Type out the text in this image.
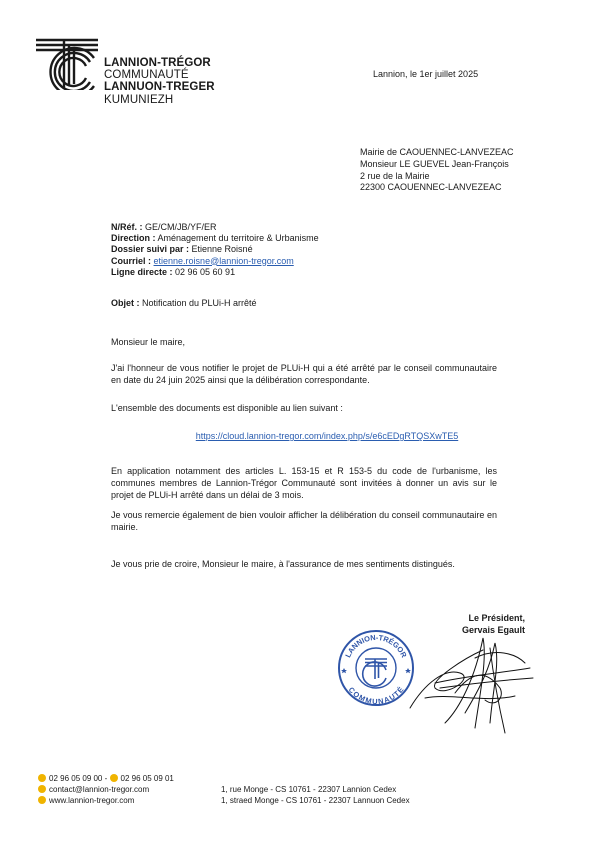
LANNION-TRÉGOR
COMMUNAUTÉ
LANNUON-TREGER
KUMUNIEZH
Lannion, le 1er juillet 2025
Mairie de CAOUENNEC-LANVEZEAC
Monsieur LE GUEVEL Jean-François
2 rue de la Mairie
22300 CAOUENNEC-LANVEZEAC
N/Réf. : GE/CM/JB/YF/ER
Direction : Aménagement du territoire & Urbanisme
Dossier suivi par : Etienne Roisné
Courriel : etienne.roisne@lannion-tregor.com
Ligne directe : 02 96 05 60 91
Objet : Notification du PLUi-H arrêté
Monsieur le maire,
J'ai l'honneur de vous notifier le projet de PLUi-H qui a été arrêté par le conseil communautaire en date du 24 juin 2025 ainsi que la délibération correspondante.
L'ensemble des documents est disponible au lien suivant :
https://cloud.lannion-tregor.com/index.php/s/e6cEDgRTQSXwTE5
En application notamment des articles L. 153-15 et R 153-5 du code de l'urbanisme, les communes membres de Lannion-Trégor Communauté sont invitées à donner un avis sur le projet de PLUi-H arrêté dans un délai de 3 mois.
Je vous remercie également de bien vouloir afficher la délibération du conseil communautaire en mairie.
Je vous prie de croire, Monsieur le maire, à l'assurance de mes sentiments distingués.
Le Président,
Gervais Egault
LANNION-TRÉGOR
COMMUNAUTÉ
02 96 05 09 00 - 02 96 05 09 01
contact@lannion-tregor.com
www.lannion-tregor.com
1, rue Monge - CS 10761 - 22307 Lannion Cedex
1, straed Monge - CS 10761 - 22307 Lannuon Cedex
